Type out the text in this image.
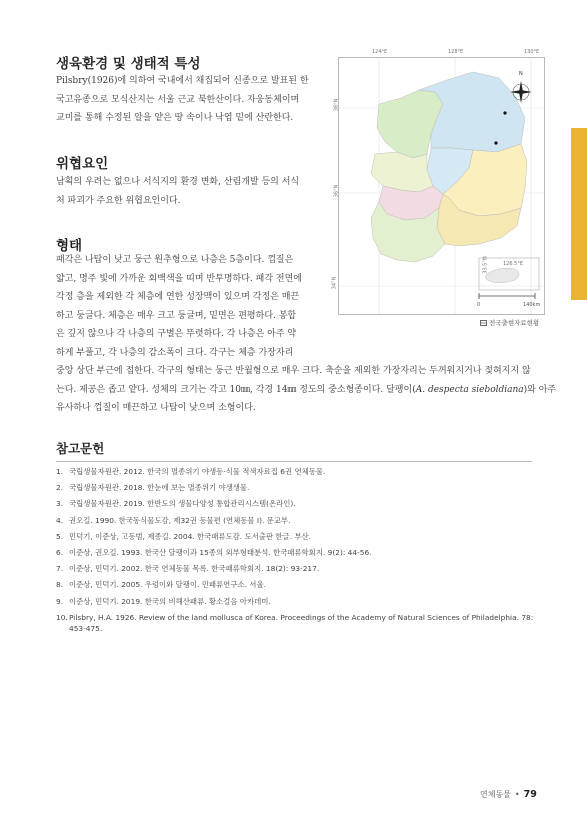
생육환경 및 생태적 특성
Pilsbry(1926)에 의하여 국내에서 채집되어 신종으로 발표된 한
국고유종으로 모식산지는 서울 근교 북한산이다. 자웅동체이며
교미를 통해 수정된 알을 얕은 땅 속이나 낙엽 밑에 산란한다.
위협요인
남획의 우려는 없으나 서식지의 환경 변화, 산림개발 등의 서식
처 파괴가 주요한 위협요인이다.
형태
패각은 나탑이 낮고 둥근 원추형으로 나층은 5층이다. 껍질은
얇고, 명주 빛에 가까운 회백색을 띠며 반투명하다. 패각 전면에
각정 층을 제외한 각 체층에 연한 성장맥이 있으며 각정은 매끈
하고 둥글다. 체층은 매우 크고 둥글며, 밑면은 편평하다. 봉합
은 깊지 않으나 각 나층의 구별은 뚜렷하다. 각 나층은 아주 약
하게 부풀고, 각 나층의 감소폭이 크다. 각구는 체층 가장자리
중앙 상단 부근에 접한다. 각구의 형태는 둥근 반월형으로 매우 크다. 축순을 제외한 가장자리는 두꺼워지거나 젖혀지지 않
는다. 제공은 좁고 얕다. 성체의 크기는 각고 10㎜, 각경 14㎜ 정도의 중소형종이다. 달팽이(A. despecta sieboldiana)와 아주
유사하나 껍질이 매끈하고 나탑이 낮으며 소형이다.
N
0	140km
124°E	128°E	130°E
38°N
36°N
34°N
33.5°N	126.5°E
전국출현자료현황
참고문헌
1. 국립생물자원관. 2012. 한국의 멸종위기 야생동·식물 적색자료집 6권 연체동물.
2. 국립생물자원관. 2018. 한눈에 보는 멸종위기 야생생물.
3. 국립생물자원관. 2019. 한반도의 생물다양성 통합관리시스템(온라인).
4. 권오길. 1990. 한국동식물도감, 제32권 동물편 (연체동물 Ⅰ). 문교부.
5. 민덕기, 이준상, 고동범, 제종길. 2004. 한국패류도감. 도서출판 한글. 부산.
6. 이준상, 권오길. 1993. 한국산 달팽이과 15종의 외부형태분석. 한국패류학회지. 9(2): 44-56.
7. 이준상, 민덕기. 2002. 한국 연체동물 목록. 한국패류학회지. 18(2): 93-217.
8. 이준상, 민덕기. 2005. 우렁이와 달팽이. 민패류연구소. 서울.
9. 이준상, 민덕기. 2019. 한국의 비해산패류. 황소걸음 아카데미.
10. Pilsbry, H.A. 1926. Review of the land mollusca of Korea. Proceedings of the Academy of Natural Sciences of Philadelphia. 78: 453-475.
연체동물 • 79
